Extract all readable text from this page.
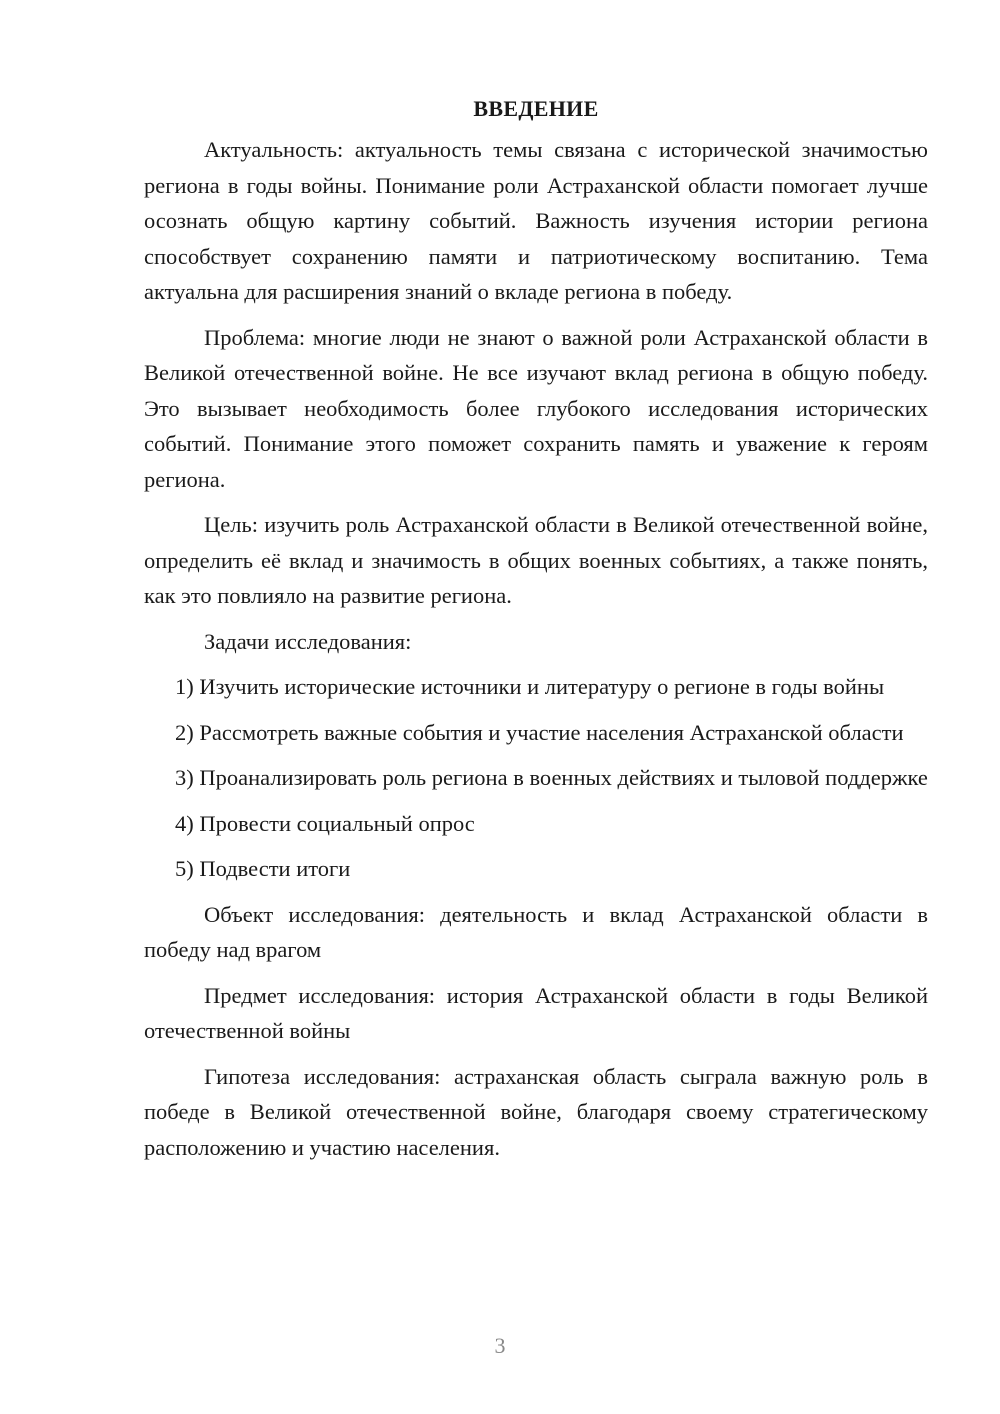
ВВЕДЕНИЕ

Актуальность: актуальность темы связана с исторической значимостью региона в годы войны. Понимание роли Астраханской области помогает лучше осознать общую картину событий. Важность изучения истории региона способствует сохранению памяти и патриотическому воспитанию. Тема актуальна для расширения знаний о вкладе региона в победу.

Проблема: многие люди не знают о важной роли Астраханской области в Великой отечественной войне. Не все изучают вклад региона в общую победу. Это вызывает необходимость более глубокого исследования исторических событий. Понимание этого поможет сохранить память и уважение к героям региона.

Цель: изучить роль Астраханской области в Великой отечественной войне, определить её вклад и значимость в общих военных событиях, а также понять, как это повлияло на развитие региона.

Задачи исследования:

1) Изучить исторические источники и литературу о регионе в годы войны

2) Рассмотреть важные события и участие населения Астраханской области

3) Проанализировать роль региона в военных действиях и тыловой поддержке

4) Провести социальный опрос

5) Подвести итоги

Объект исследования: деятельность и вклад Астраханской области в победу над врагом

Предмет исследования: история Астраханской области в годы Великой отечественной войны

Гипотеза исследования: астраханская область сыграла важную роль в победе в Великой отечественной войне, благодаря своему стратегическому расположению и участию населения.

3
